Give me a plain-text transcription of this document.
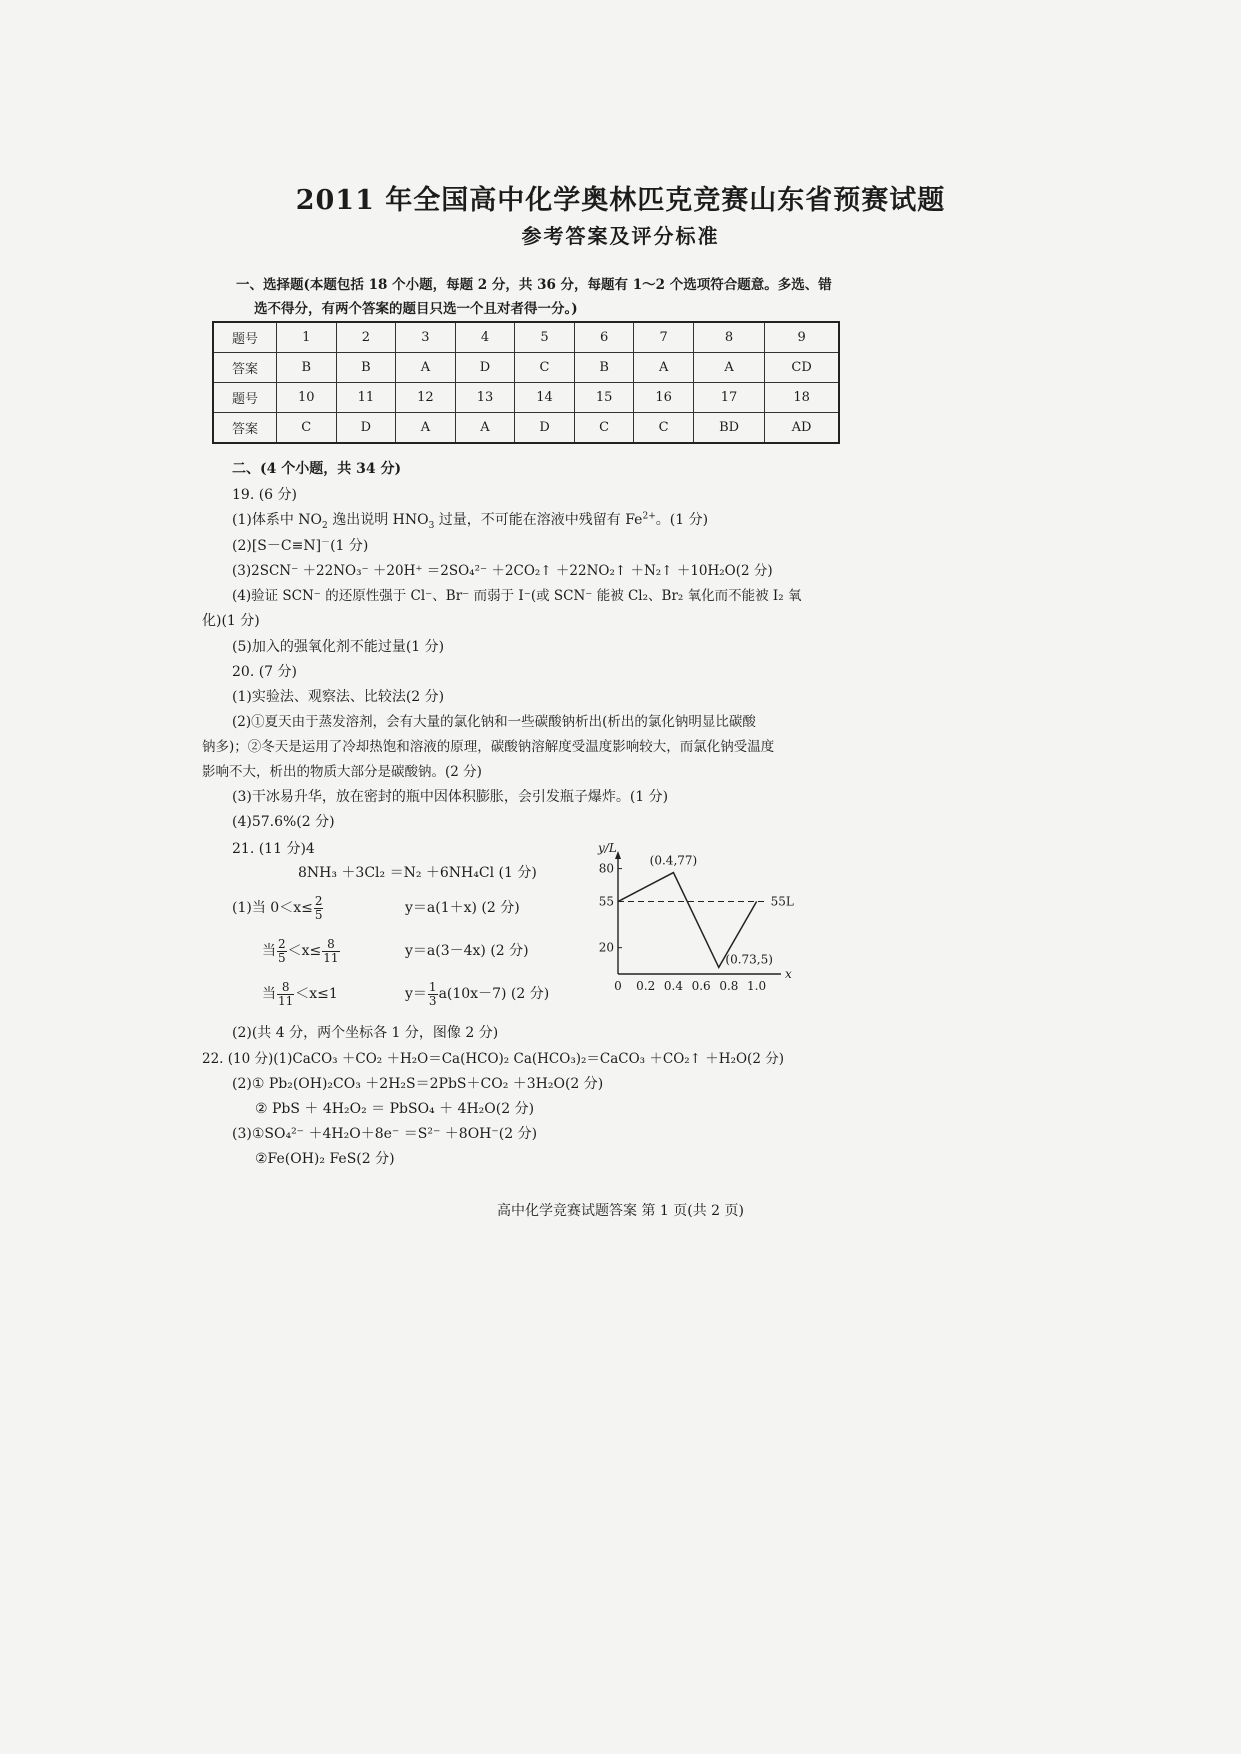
2011 年全国高中化学奥林匹克竞赛山东省预赛试题
参考答案及评分标准
一、选择题(本题包括 18 个小题，每题 2 分，共 36 分，每题有 1～2 个选项符合题意。多选、错
选不得分，有两个答案的题目只选一个且对者得一分。)
题号	1	2	3	4	5	6	7	8	9
答案	B	B	A	D	C	B	A	A	CD
题号	10	11	12	13	14	15	16	17	18
答案	C	D	A	A	D	C	C	BD	AD
二、(4 个小题，共 34 分)
19. (6 分)
(1)体系中 $NO_2$ 逸出说明 $HNO_3$ 过量，不可能在溶液中残留有 $Fe^{2+}$。(1 分)
(2)[S－C≡N]－(1 分)
(3)2SCN⁻ ＋22NO₃⁻ ＋20H⁺ ＝2SO₄²⁻ ＋2CO₂↑ ＋22NO₂↑ ＋N₂↑ ＋10H₂O(2 分)
(4)验证 SCN⁻ 的还原性强于 Cl⁻、Br⁻ 而弱于 I⁻(或 SCN⁻ 能被 Cl₂、Br₂ 氧化而不能被 I₂ 氧
化)(1 分)
(5)加入的强氧化剂不能过量(1 分)
20. (7 分)
(1)实验法、观察法、比较法(2 分)
(2)①夏天由于蒸发溶剂，会有大量的氯化钠和一些碳酸钠析出(析出的氯化钠明显比碳酸
钠多)；②冬天是运用了冷却热饱和溶液的原理，碳酸钠溶解度受温度影响较大，而氯化钠受温度
影响不大，析出的物质大部分是碳酸钠。(2 分)
(3)干冰易升华，放在密封的瓶中因体积膨胀，会引发瓶子爆炸。(1 分)
(4)57.6%(2 分)
21. (11 分)4
8NH₃ ＋3Cl₂ ＝N₂ ＋6NH₄Cl (1 分)
(1)当 $0<x\le \frac{2}{5}$	y＝a(1＋x) (2 分)
当 $\frac{2}{5} <x\le \frac{8}{11}$	y＝a(3－4x) (2 分)
当 $\frac{8}{11} <x\le 1$	$y= \frac{1}{3} a(10x-7)$ (2 分)
(2)(共 4 分，两个坐标各 1 分，图像 2 分)
y/L
x
20
55
80
0 0.2 0.4 0.6 0.8 1.0
55L
(0.4,77)
(0.73,5)
22. (10 分)(1)CaCO₃ ＋CO₂ ＋H₂O＝Ca(HCO)₂ Ca(HCO₃)₂＝CaCO₃ ＋CO₂↑ ＋H₂O(2 分)
(2)① Pb₂(OH)₂CO₃ ＋2H₂S＝2PbS＋CO₂ ＋3H₂O(2 分)
② PbS ＋ 4H₂O₂ ＝ PbSO₄ ＋ 4H₂O(2 分)
(3)①SO₄²⁻ ＋4H₂O＋8e⁻ ＝S²⁻ ＋8OH⁻(2 分)
②Fe(OH)₂ FeS(2 分)
高中化学竞赛试题答案 第 1 页(共 2 页)
